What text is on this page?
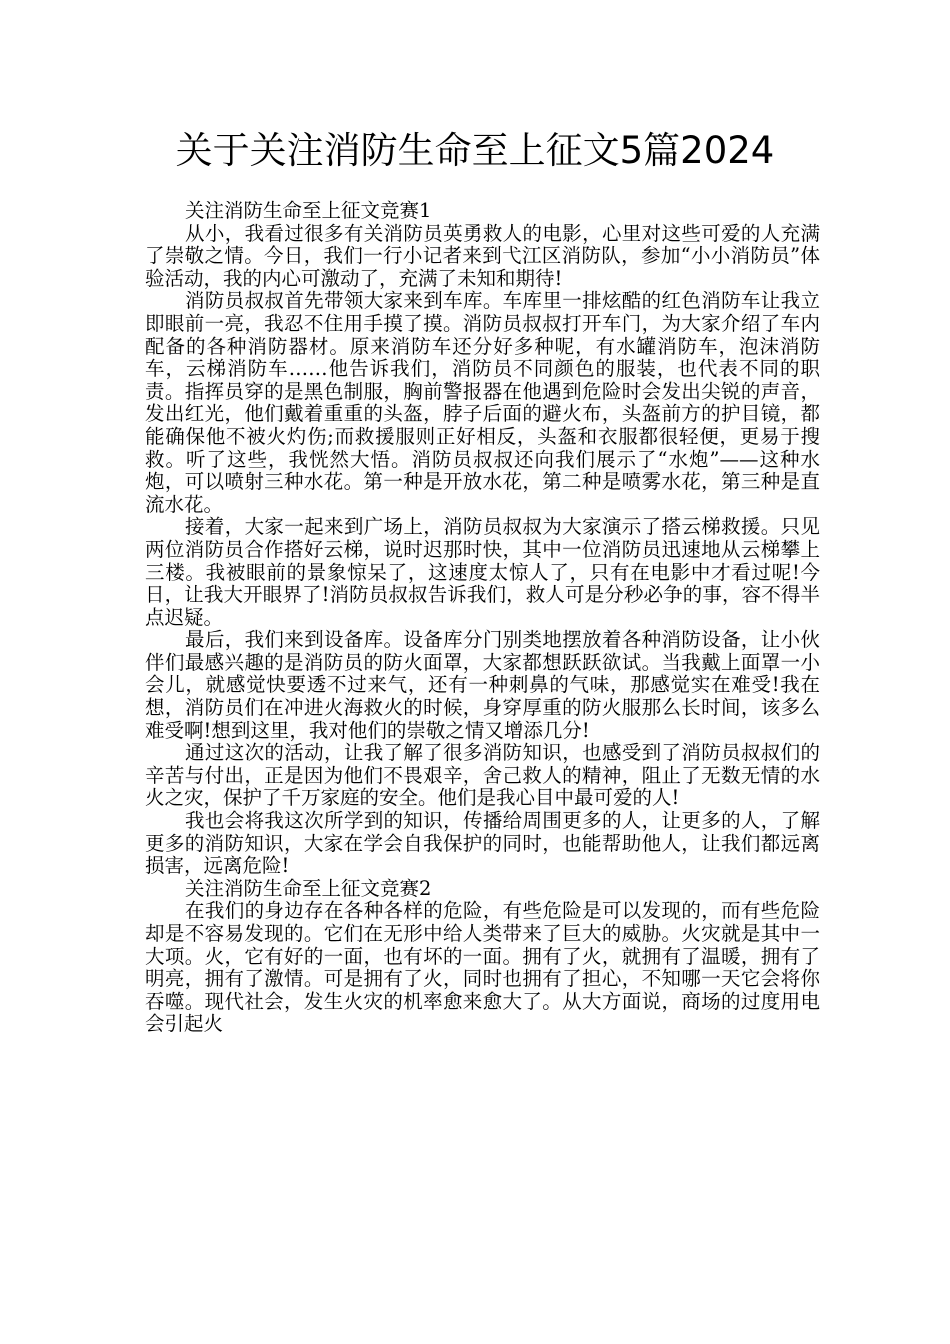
关于关注消防生命至上征文5篇2024

关注消防生命至上征文竞赛1

从小，我看过很多有关消防员英勇救人的电影，心里对这些可爱的人充满了崇敬之情。今日，我们一行小记者来到弋江区消防队，参加“小小消防员”体验活动，我的内心可激动了，充满了未知和期待!

消防员叔叔首先带领大家来到车库。车库里一排炫酷的红色消防车让我立即眼前一亮，我忍不住用手摸了摸。消防员叔叔打开车门，为大家介绍了车内配备的各种消防器材。原来消防车还分好多种呢，有水罐消防车，泡沫消防车，云梯消防车……他告诉我们，消防员不同颜色的服装，也代表不同的职责。指挥员穿的是黑色制服，胸前警报器在他遇到危险时会发出尖锐的声音，发出红光，他们戴着重重的头盔，脖子后面的避火布，头盔前方的护目镜，都能确保他不被火灼伤;而救援服则正好相反，头盔和衣服都很轻便，更易于搜救。听了这些，我恍然大悟。消防员叔叔还向我们展示了“水炮”——这种水炮，可以喷射三种水花。第一种是开放水花，第二种是喷雾水花，第三种是直流水花。

接着，大家一起来到广场上，消防员叔叔为大家演示了搭云梯救援。只见两位消防员合作搭好云梯，说时迟那时快，其中一位消防员迅速地从云梯攀上三楼。我被眼前的景象惊呆了，这速度太惊人了，只有在电影中才看过呢!今日，让我大开眼界了!消防员叔叔告诉我们，救人可是分秒必争的事，容不得半点迟疑。

最后，我们来到设备库。设备库分门别类地摆放着各种消防设备，让小伙伴们最感兴趣的是消防员的防火面罩，大家都想跃跃欲试。当我戴上面罩一小会儿，就感觉快要透不过来气，还有一种刺鼻的气味，那感觉实在难受!我在想，消防员们在冲进火海救火的时候，身穿厚重的防火服那么长时间，该多么难受啊!想到这里，我对他们的崇敬之情又增添几分!

通过这次的活动，让我了解了很多消防知识，也感受到了消防员叔叔们的辛苦与付出，正是因为他们不畏艰辛，舍己救人的精神，阻止了无数无情的水火之灾，保护了千万家庭的安全。他们是我心目中最可爱的人!

我也会将我这次所学到的知识，传播给周围更多的人，让更多的人，了解更多的消防知识，大家在学会自我保护的同时，也能帮助他人，让我们都远离损害，远离危险!

关注消防生命至上征文竞赛2

在我们的身边存在各种各样的危险，有些危险是可以发现的，而有些危险却是不容易发现的。它们在无形中给人类带来了巨大的威胁。火灾就是其中一大项。火，它有好的一面，也有坏的一面。拥有了火，就拥有了温暖，拥有了明亮，拥有了激情。可是拥有了火，同时也拥有了担心，不知哪一天它会将你吞噬。现代社会，发生火灾的机率愈来愈大了。从大方面说，商场的过度用电会引起火
